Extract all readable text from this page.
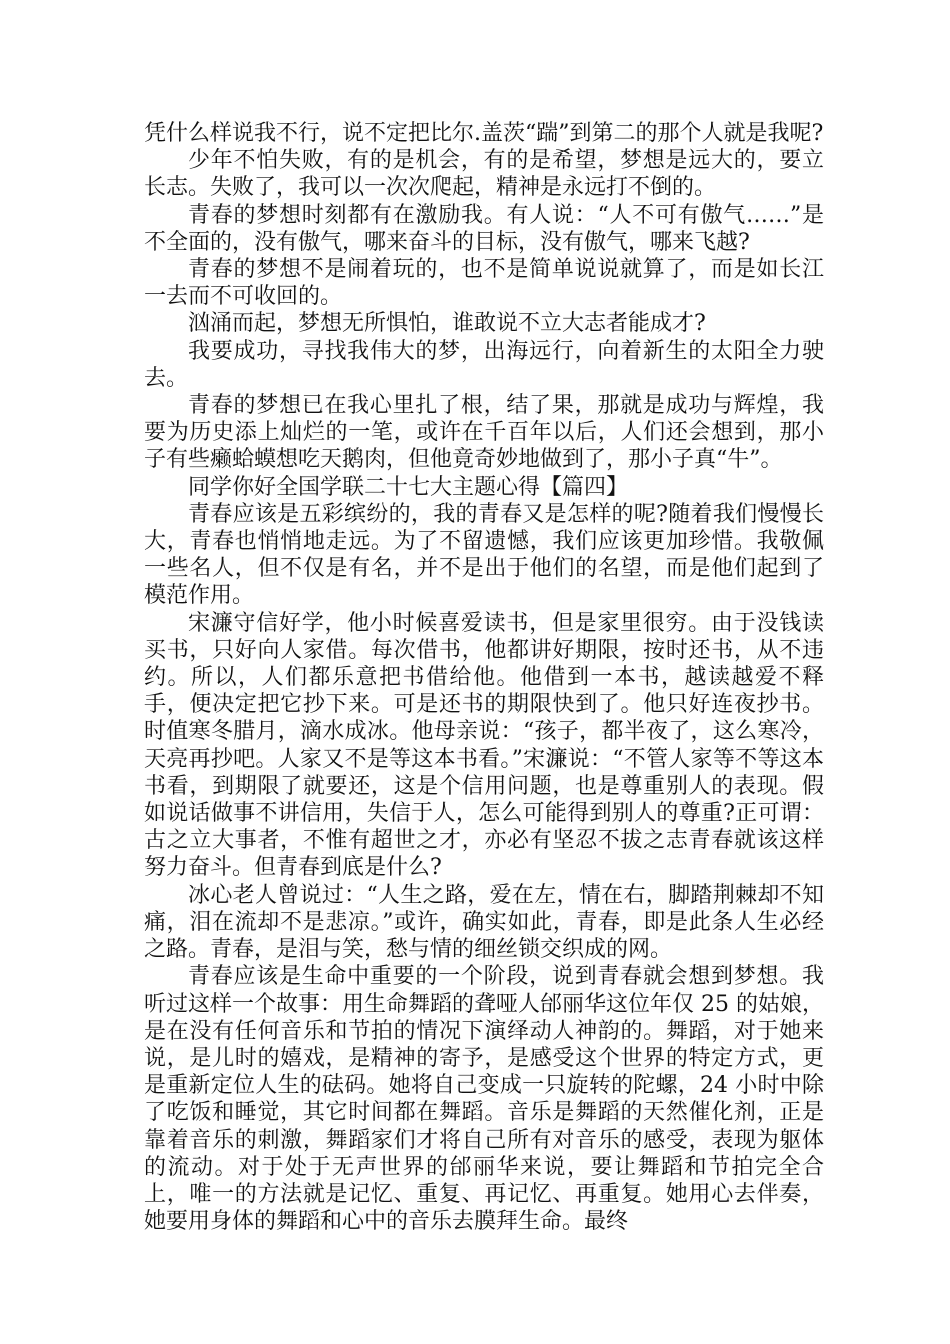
凭什么样说我不行，说不定把比尔.盖茨“踹”到第二的那个人就是我呢?

少年不怕失败，有的是机会，有的是希望，梦想是远大的，要立长志。失败了，我可以一次次爬起，精神是永远打不倒的。

青春的梦想时刻都有在激励我。有人说：“人不可有傲气……”是不全面的，没有傲气，哪来奋斗的目标，没有傲气，哪来飞越?

青春的梦想不是闹着玩的，也不是简单说说就算了，而是如长江一去而不可收回的。

汹涌而起，梦想无所惧怕，谁敢说不立大志者能成才?

我要成功，寻找我伟大的梦，出海远行，向着新生的太阳全力驶去。

青春的梦想已在我心里扎了根，结了果，那就是成功与辉煌，我要为历史添上灿烂的一笔，或许在千百年以后，人们还会想到，那小子有些癞蛤蟆想吃天鹅肉，但他竟奇妙地做到了，那小子真“牛”。

同学你好全国学联二十七大主题心得【篇四】

青春应该是五彩缤纷的，我的青春又是怎样的呢?随着我们慢慢长大，青春也悄悄地走远。为了不留遗憾，我们应该更加珍惜。我敬佩一些名人，但不仅是有名，并不是出于他们的名望，而是他们起到了模范作用。

宋濂守信好学，他小时候喜爱读书，但是家里很穷。由于没钱读买书，只好向人家借。每次借书，他都讲好期限，按时还书，从不违约。所以，人们都乐意把书借给他。他借到一本书，越读越爱不释手，便决定把它抄下来。可是还书的期限快到了。他只好连夜抄书。时值寒冬腊月，滴水成冰。他母亲说：“孩子，都半夜了，这么寒冷，天亮再抄吧。人家又不是等这本书看。”宋濂说：“不管人家等不等这本书看，到期限了就要还，这是个信用问题，也是尊重别人的表现。假如说话做事不讲信用，失信于人，怎么可能得到别人的尊重?正可谓：古之立大事者，不惟有超世之才，亦必有坚忍不拔之志青春就该这样努力奋斗。但青春到底是什么?

冰心老人曾说过：“人生之路，爱在左，情在右，脚踏荆棘却不知痛，泪在流却不是悲凉。”或许，确实如此，青春，即是此条人生必经之路。青春，是泪与笑，愁与情的细丝锁交织成的网。

青春应该是生命中重要的一个阶段，说到青春就会想到梦想。我听过这样一个故事：用生命舞蹈的聋哑人邰丽华这位年仅 25 的姑娘，是在没有任何音乐和节拍的情况下演绎动人神韵的。舞蹈，对于她来说，是儿时的嬉戏，是精神的寄予，是感受这个世界的特定方式，更是重新定位人生的砝码。她将自己变成一只旋转的陀螺，24 小时中除了吃饭和睡觉，其它时间都在舞蹈。音乐是舞蹈的天然催化剂，正是靠着音乐的刺激，舞蹈家们才将自己所有对音乐的感受，表现为躯体的流动。对于处于无声世界的邰丽华来说，要让舞蹈和节拍完全合上，唯一的方法就是记忆、重复、再记忆、再重复。她用心去伴奏，她要用身体的舞蹈和心中的音乐去膜拜生命。最终
